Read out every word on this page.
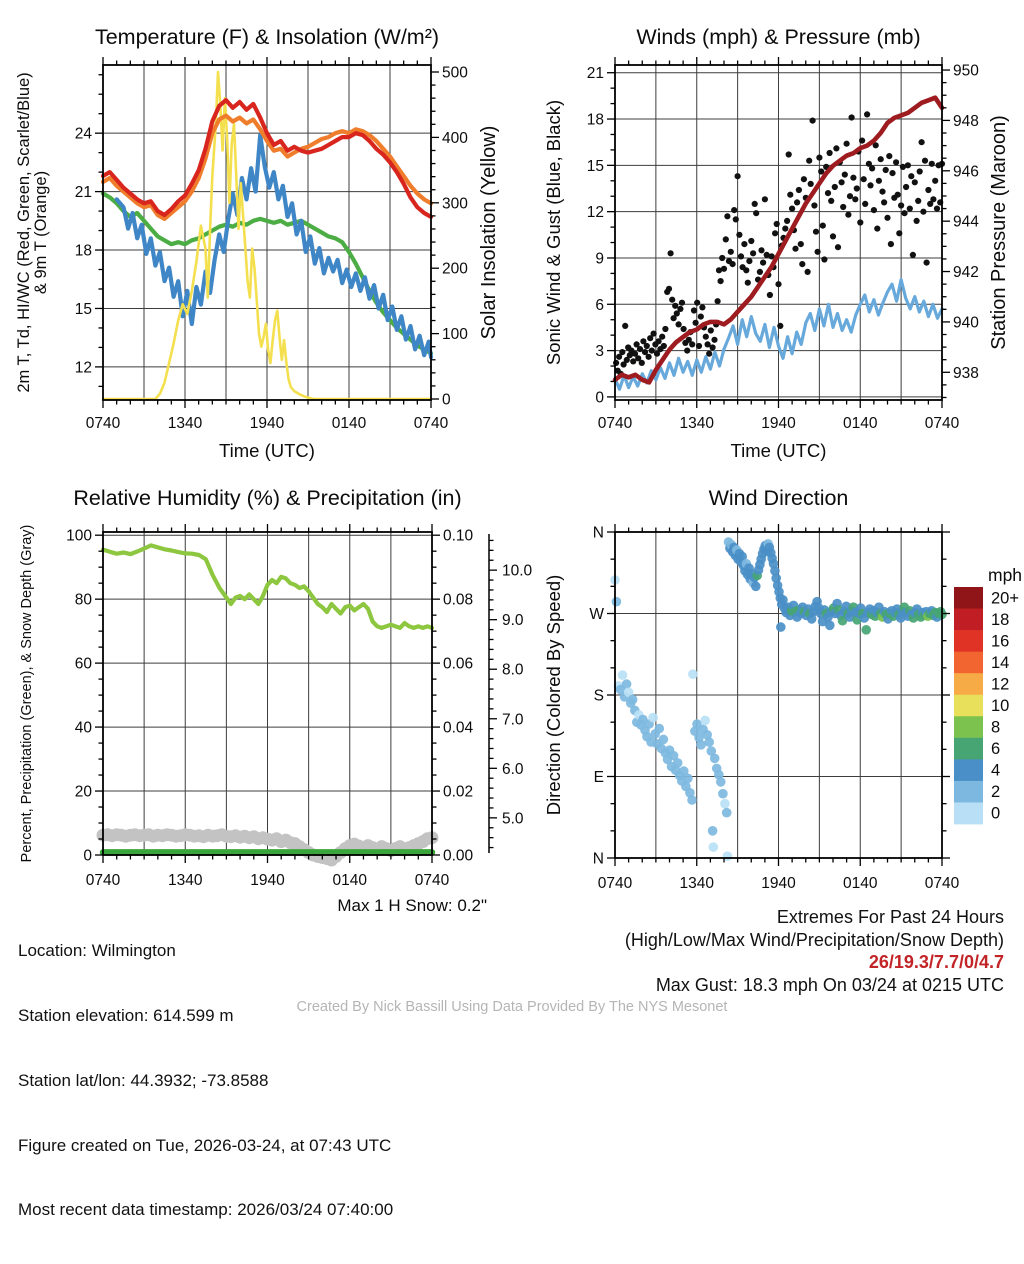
0740	1340	1940	0140	0740
Time (UTC)
12
15
18
21
24
0
100
200
300
400
500
Temperature (F) & Insolation (W/m²)
2m T, Td, HI/WC (Red, Green, Scarlet/Blue) & 9m T (Orange)	Solar Insolation (Yellow)
0740	1340	1940	0140	0740
Time (UTC)
0
3
6
9
12
15
18
21
938
940
942
944
946
948
950
Winds (mph) & Pressure (mb)
Sonic Wind & Gust (Blue, Black)	Station Pressure (Maroon)
0740	1340	1940	0140	0740
0
20
40
60
80
100
0.00
0.02
0.04
0.06
0.08
0.10
5.0
6.0
7.0
8.0
9.0
10.0
Relative Humidity (%) & Precipitation (in)
Percent, Precipitation (Green), & Snow Depth (Gray)
Max 1 H Snow: 0.2"
0740	1340	1940	0140	0740
N
E
S
W
N
Wind Direction
Direction (Colored By Speed)	20+
18
16
14
12
10
8
6
4
2
0
mph

Location: Wilmington

Station elevation: 614.599 m

Station lat/lon: 44.3932; -73.8588

Figure created on Tue, 2026-03-24, at 07:43 UTC

Most recent data timestamp: 2026/03/24 07:40:00

Extremes For Past 24 Hours
(High/Low/Max Wind/Precipitation/Snow Depth)
26/19.3/7.7/0/4.7
Max Gust: 18.3 mph On 03/24 at 0215 UTC
Created By Nick Bassill Using Data Provided By The NYS Mesonet
